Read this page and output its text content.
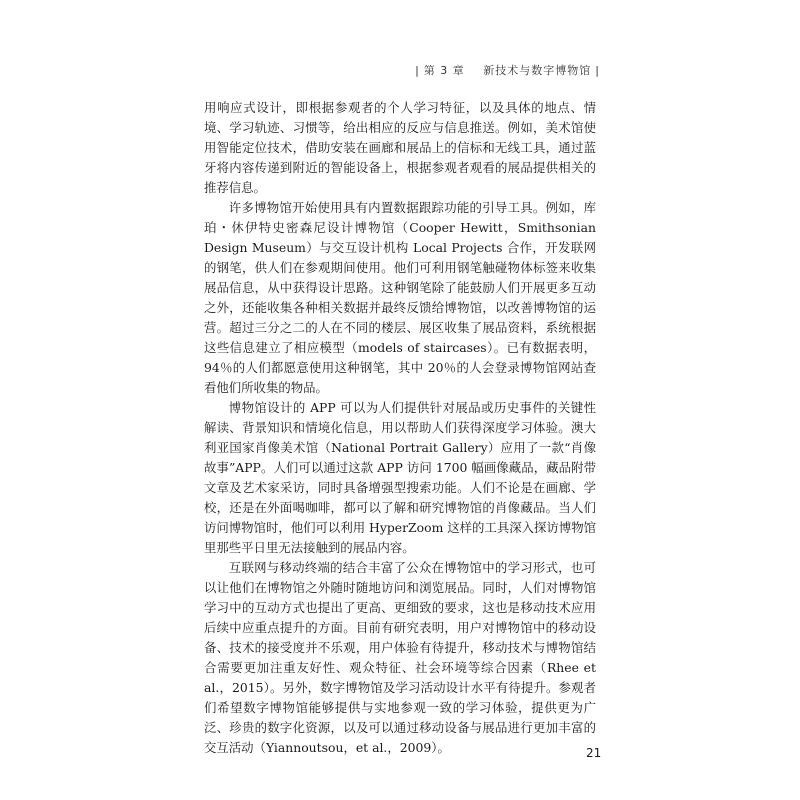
| 第 3 章 新技术与数字博物馆 |

用响应式设计，即根据参观者的个人学习特征，以及具体的地点、情境、学习轨迹、习惯等，给出相应的反应与信息推送。例如，美术馆使用智能定位技术，借助安装在画廊和展品上的信标和无线工具，通过蓝牙将内容传递到附近的智能设备上，根据参观者观看的展品提供相关的推荐信息。

许多博物馆开始使用具有内置数据跟踪功能的引导工具。例如，库珀・休伊特史密森尼设计博物馆（Cooper Hewitt，Smithsonian Design Museum）与交互设计机构 Local Projects 合作，开发联网的钢笔，供人们在参观期间使用。他们可利用钢笔触碰物体标签来收集展品信息，从中获得设计思路。这种钢笔除了能鼓励人们开展更多互动之外，还能收集各种相关数据并最终反馈给博物馆，以改善博物馆的运营。超过三分之二的人在不同的楼层、展区收集了展品资料，系统根据这些信息建立了相应模型（models of staircases）。已有数据表明，94％的人们都愿意使用这种钢笔，其中 20％的人会登录博物馆网站查看他们所收集的物品。

博物馆设计的 APP 可以为人们提供针对展品或历史事件的关键性解读、背景知识和情境化信息，用以帮助人们获得深度学习体验。澳大利亚国家肖像美术馆（National Portrait Gallery）应用了一款“肖像故事”APP。人们可以通过这款 APP 访问 1700 幅画像藏品，藏品附带文章及艺术家采访，同时具备增强型搜索功能。人们不论是在画廊、学校，还是在外面喝咖啡，都可以了解和研究博物馆的肖像藏品。当人们访问博物馆时，他们可以利用 HyperZoom 这样的工具深入探访博物馆里那些平日里无法接触到的展品内容。

互联网与移动终端的结合丰富了公众在博物馆中的学习形式，也可以让他们在博物馆之外随时随地访问和浏览展品。同时，人们对博物馆学习中的互动方式也提出了更高、更细致的要求，这也是移动技术应用后续中应重点提升的方面。目前有研究表明，用户对博物馆中的移动设备、技术的接受度并不乐观，用户体验有待提升，移动技术与博物馆结合需要更加注重友好性、观众特征、社会环境等综合因素（Rhee et al.，2015）。另外，数字博物馆及学习活动设计水平有待提升。参观者们希望数字博物馆能够提供与实地参观一致的学习体验，提供更为广泛、珍贵的数字化资源，以及可以通过移动设备与展品进行更加丰富的交互活动（Yiannoutsou，et al.，2009）。	21
